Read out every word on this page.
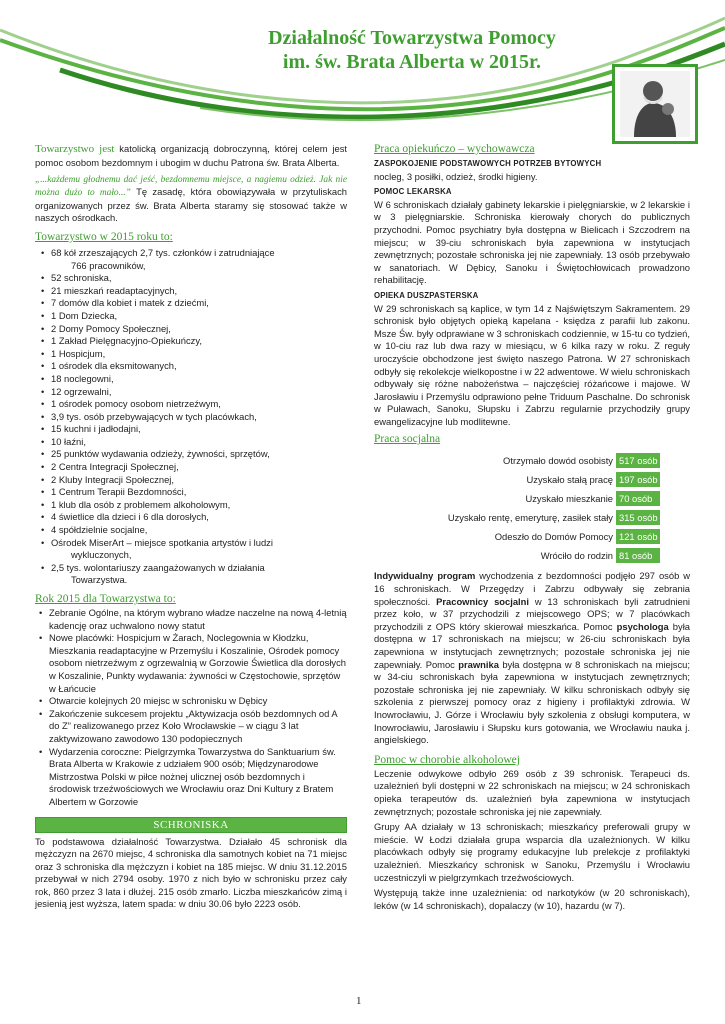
Działalność Towarzystwa Pomocy
im. św. Brata Alberta w 2015r.

Towarzystwo jest katolicką organizacją dobroczynną, której celem jest pomoc osobom bezdomnym i ubogim w duchu Patrona św. Brata Alberta.

„...każdemu głodnemu dać jeść, bezdomnemu miejsce, a nagiemu odzież. Jak nie można dużo to mało...” Tę zasadę, która obowiązywała w przytuliskach organizowanych przez św. Brata Alberta staramy się stosować także w naszych ośrodkach.

Towarzystwo w 2015 roku to:
• 68 kół zrzeszających 2,7 tys. członków i zatrudniające
766 pracowników,
• 52 schroniska,
• 21 mieszkań readaptacyjnych,
• 7 domów dla kobiet i matek z dziećmi,
• 1 Dom Dziecka,
• 2 Domy Pomocy Społecznej,
• 1 Zakład Pielęgnacyjno-Opiekuńczy,
• 1 Hospicjum,
• 1 ośrodek dla eksmitowanych,
• 18 noclegowni,
• 12 ogrzewalni,
• 1 ośrodek pomocy osobom nietrzeźwym,
• 3,9 tys. osób przebywających w tych placówkach,
• 15 kuchni i jadłodajni,
• 10 łaźni,
• 25 punktów wydawania odzieży, żywności, sprzętów,
• 2 Centra Integracji Społecznej,
• 2 Kluby Integracji Społecznej,
• 1 Centrum Terapii Bezdomności,
• 1 klub dla osób z problemem alkoholowym,
• 4 świetlice dla dzieci i 6 dla dorosłych,
• 4 spółdzielnie socjalne,
• Ośrodek MiserArt – miejsce spotkania artystów i ludzi
wykluczonych,
• 2,5 tys. wolontariuszy zaangażowanych w działania
Towarzystwa.
Rok 2015 dla Towarzystwa to:
• Zebranie Ogólne, na którym wybrano władze naczelne na nową 4-letnią kadencję oraz uchwalono nowy statut
• Nowe placówki: Hospicjum w Żarach, Noclegownia w Kłodzku, Mieszkania readaptacyjne w Przemyślu i Koszalinie, Ośrodek pomocy osobom nietrzeźwym z ogrzewalnią w Gorzowie Świetlica dla dorosłych w Koszalinie, Punkty wydawania: żywności w Częstochowie, sprzętów w Łańcucie
• Otwarcie kolejnych 20 miejsc w schronisku w Dębicy
• Zakończenie sukcesem projektu „Aktywizacja osób bezdomnych od A do Z” realizowanego przez Koło Wrocławskie – w ciągu 3 lat zaktywizowano zawodowo 130 podopiecznych
• Wydarzenia coroczne: Pielgrzymka Towarzystwa do Sanktuarium św. Brata Alberta w Krakowie z udziałem 900 osób; Międzynarodowe Mistrzostwa Polski w piłce nożnej ulicznej osób bezdomnych i środowisk trzeźwościowych we Wrocławiu oraz Dni Kultury z Bratem Albertem w Gorzowie
SCHRONISKA

To podstawowa działalność Towarzystwa. Działało 45 schronisk dla mężczyzn na 2670 miejsc, 4 schroniska dla samotnych kobiet na 71 miejsc oraz 3 schroniska dla mężczyzn i kobiet na 185 miejsc. W dniu 31.12.2015 przebywał w nich 2794 osoby. 1970 z nich było w schronisku przez cały rok, 860 przez 3 lata i dłużej. 215 osób zmarło. Liczba mieszkańców zimą i jesienią jest wyższa, latem spada: w dniu 30.06 było 2223 osób.

Praca opiekuńczo – wychowawcza
ZASPOKOJENIE PODSTAWOWYCH POTRZEB BYTOWYCH

nocleg, 3 posiłki, odzież, środki higieny.

POMOC LEKARSKA

W 6 schroniskach działały gabinety lekarskie i pielęgniarskie, w 2 lekarskie i w 3 pielęgniarskie. Schroniska kierowały chorych do publicznych przychodni. Pomoc psychiatry była dostępna w Bielicach i Szczodrem na miejscu; w 39-ciu schroniskach była zapewniona w instytucjach zewnętrznych; pozostałe schroniska jej nie zapewniały. 13 osób przebywało w sanatoriach. W Dębicy, Sanoku i Świętochłowicach prowadzono rehabilitację.

OPIEKA DUSZPASTERSKA

W 29 schroniskach są kaplice, w tym 14 z Najświętszym Sakramentem. 29 schronisk było objętych opieką kapelana - księdza z parafii lub zakonu. Msze Św. były odprawiane w 3 schroniskach codziennie, w 15-tu co tydzień, w 10-ciu raz lub dwa razy w miesiącu, w 6 kilka razy w roku. Z reguły uroczyście obchodzone jest święto naszego Patrona. W 27 schroniskach odbyły się rekolekcje wielkopostne i w 22 adwentowe. W wielu schroniskach odbywały się różne nabożeństwa – najczęściej różańcowe i majowe. W Jarosławiu i Przemyślu odprawiono pełne Triduum Paschalne. Do schronisk w Puławach, Sanoku, Słupsku i Zabrzu regularnie przychodziły grupy ewangelizacyjne lub modlitewne.

Praca socjalna
Otrzymało dowód osobisty	517 osób
Uzyskało stałą pracę	197 osób
Uzyskało mieszkanie	70 osób
Uzyskało rentę, emeryturę, zasiłek stały	315 osób
Odeszło do Domów Pomocy	121 osób
Wróciło do rodzin	81 osób

Indywidualny program wychodzenia z bezdomności podjęło 297 osób w 16 schroniskach. W Przegędzy i Zabrzu odbywały się zebrania społeczności. Pracownicy socjalni w 13 schroniskach byli zatrudnieni przez koło, w 37 przychodzili z miejscowego OPS; w 7 placówkach przychodzili z OPS który skierował mieszkańca. Pomoc psychologa była dostępna w 17 schroniskach na miejscu; w 26-ciu schroniskach była zapewniona w instytucjach zewnętrznych; pozostałe schroniska jej nie zapewniały. Pomoc prawnika była dostępna w 8 schroniskach na miejscu; w 34-ciu schroniskach była zapewniona w instytucjach zewnętrznych; pozostałe schroniska jej nie zapewniały. W kilku schroniskach odbyły się szkolenia z pierwszej pomocy oraz z higieny i profilaktyki zdrowia. W Inowrocławiu, J. Górze i Wrocławiu były szkolenia z obsługi komputera, w Inowrocławiu, Jarosławiu i Słupsku kurs gotowania, we Wrocławiu nauka j. angielskiego.

Pomoc w chorobie alkoholowej

Leczenie odwykowe odbyło 269 osób z 39 schronisk. Terapeuci ds. uzależnień byli dostępni w 22 schroniskach na miejscu; w 24 schroniskach opieka terapeutów ds. uzależnień była zapewniona w instytucjach zewnętrznych; pozostałe schroniska jej nie zapewniały.

Grupy AA działały w 13 schroniskach; mieszkańcy preferowali grupy w mieście. W Łodzi działała grupa wsparcia dla uzależnionych. W kilku placówkach odbyły się programy edukacyjne lub prelekcje z profilaktyki uzależnień. Mieszkańcy schronisk w Sanoku, Przemyślu i Wrocławiu uczestniczyli w pielgrzymkach trzeźwościowych.

Występują także inne uzależnienia: od narkotyków (w 20 schroniskach), leków (w 14 schroniskach), dopalaczy (w 10), hazardu (w 7).

1
